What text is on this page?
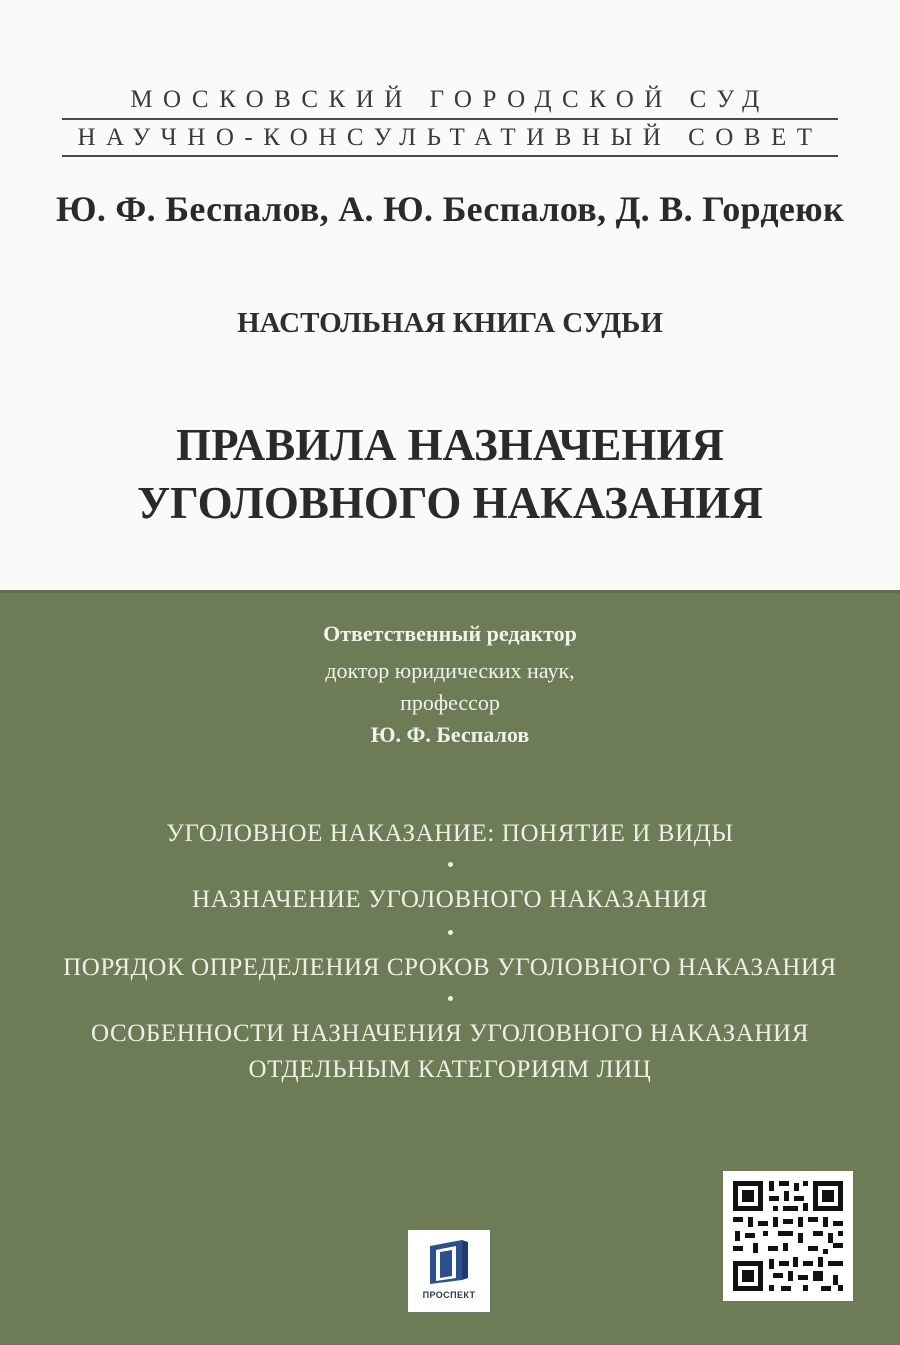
МОСКОВСКИЙ ГОРОДСКОЙ СУД
НАУЧНО-КОНСУЛЬТАТИВНЫЙ СОВЕТ
Ю. Ф. Беспалов, А. Ю. Беспалов, Д. В. Гордеюк
НАСТОЛЬНАЯ КНИГА СУДЬИ
ПРАВИЛА НАЗНАЧЕНИЯ
УГОЛОВНОГО НАКАЗАНИЯ
Ответственный редактор
доктор юридических наук,
профессор
Ю. Ф. Беспалов
УГОЛОВНОЕ НАКАЗАНИЕ: ПОНЯТИЕ И ВИДЫ
НАЗНАЧЕНИЕ УГОЛОВНОГО НАКАЗАНИЯ
ПОРЯДОК ОПРЕДЕЛЕНИЯ СРОКОВ УГОЛОВНОГО НАКАЗАНИЯ
ОСОБЕННОСТИ НАЗНАЧЕНИЯ УГОЛОВНОГО НАКАЗАНИЯ
ОТДЕЛЬНЫМ КАТЕГОРИЯМ ЛИЦ
ПРОСПЕКТ
